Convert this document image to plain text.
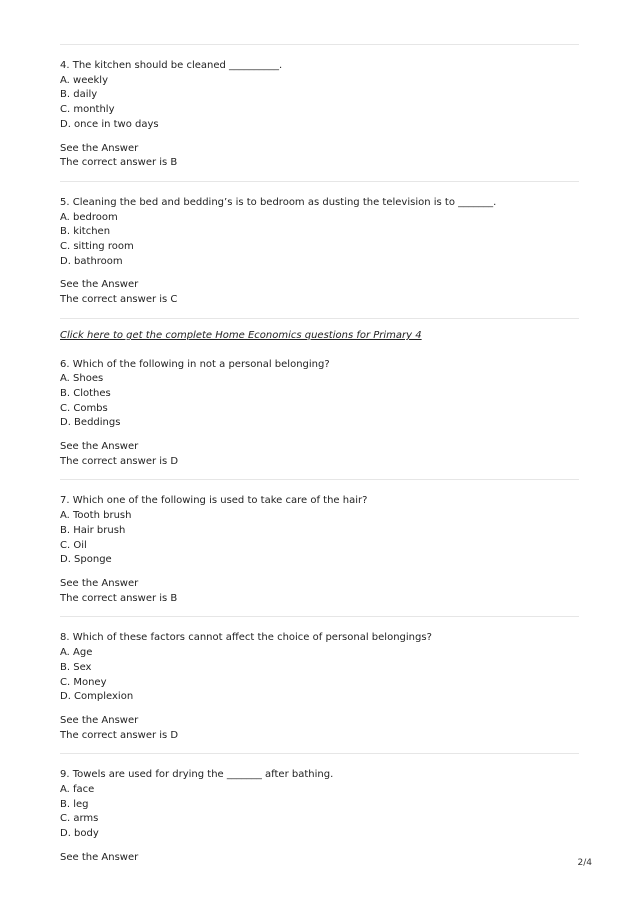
4. The kitchen should be cleaned __________.
A. weekly
B. daily
C. monthly
D. once in two days
See the Answer
The correct answer is B
5. Cleaning the bed and bedding’s is to bedroom as dusting the television is to _______.
A. bedroom
B. kitchen
C. sitting room
D. bathroom
See the Answer
The correct answer is C
Click here to get the complete Home Economics questions for Primary 4
6. Which of the following in not a personal belonging?
A. Shoes
B. Clothes
C. Combs
D. Beddings
See the Answer
The correct answer is D
7. Which one of the following is used to take care of the hair?
A. Tooth brush
B. Hair brush
C. Oil
D. Sponge
See the Answer
The correct answer is B
8. Which of these factors cannot affect the choice of personal belongings?
A. Age
B. Sex
C. Money
D. Complexion
See the Answer
The correct answer is D
9. Towels are used for drying the _______ after bathing.
A. face
B. leg
C. arms
D. body
See the Answer
2/4
